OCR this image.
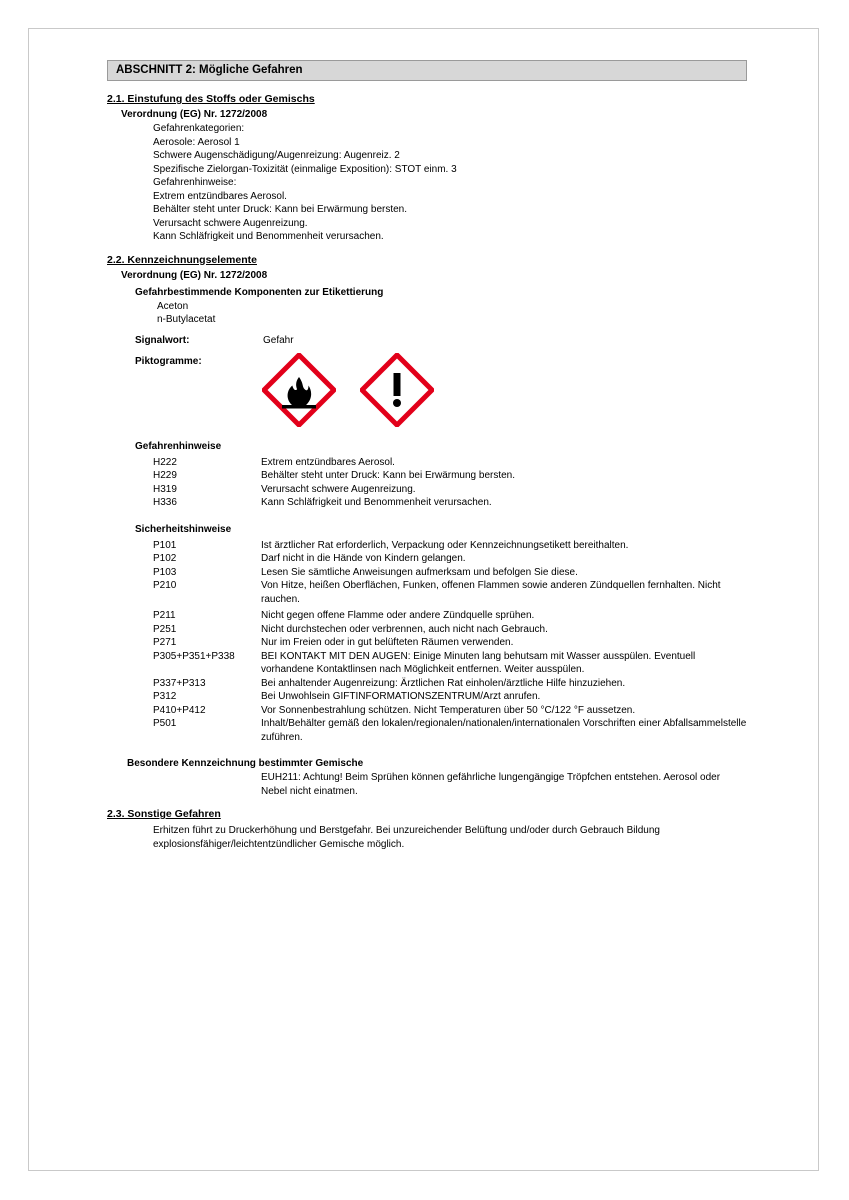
ABSCHNITT 2: Mögliche Gefahren
2.1. Einstufung des Stoffs oder Gemischs
Verordnung (EG) Nr. 1272/2008
Gefahrenkategorien:
Aerosole: Aerosol 1
Schwere Augenschädigung/Augenreizung: Augenreiz. 2
Spezifische Zielorgan-Toxizität (einmalige Exposition): STOT einm. 3
Gefahrenhinweise:
Extrem entzündbares Aerosol.
Behälter steht unter Druck: Kann bei Erwärmung bersten.
Verursacht schwere Augenreizung.
Kann Schläfrigkeit und Benommenheit verursachen.
2.2. Kennzeichnungselemente
Verordnung (EG) Nr. 1272/2008
Gefahrbestimmende Komponenten zur Etikettierung
Aceton
n-Butylacetat
Signalwort:	Gefahr
Piktogramme:
Gefahrenhinweise
H222	Extrem entzündbares Aerosol.
H229	Behälter steht unter Druck: Kann bei Erwärmung bersten.
H319	Verursacht schwere Augenreizung.
H336	Kann Schläfrigkeit und Benommenheit verursachen.
Sicherheitshinweise
P101	Ist ärztlicher Rat erforderlich, Verpackung oder Kennzeichnungsetikett bereithalten.
P102	Darf nicht in die Hände von Kindern gelangen.
P103	Lesen Sie sämtliche Anweisungen aufmerksam und befolgen Sie diese.
P210	Von Hitze, heißen Oberflächen, Funken, offenen Flammen sowie anderen Zündquellen fernhalten. Nicht rauchen.
P211	Nicht gegen offene Flamme oder andere Zündquelle sprühen.
P251	Nicht durchstechen oder verbrennen, auch nicht nach Gebrauch.
P271	Nur im Freien oder in gut belüfteten Räumen verwenden.
P305+P351+P338	BEI KONTAKT MIT DEN AUGEN: Einige Minuten lang behutsam mit Wasser ausspülen. Eventuell vorhandene Kontaktlinsen nach Möglichkeit entfernen. Weiter ausspülen.
P337+P313	Bei anhaltender Augenreizung: Ärztlichen Rat einholen/ärztliche Hilfe hinzuziehen.
P312	Bei Unwohlsein GIFTINFORMATIONSZENTRUM/Arzt anrufen.
P410+P412	Vor Sonnenbestrahlung schützen. Nicht Temperaturen über 50 °C/122 °F aussetzen.
P501	Inhalt/Behälter gemäß den lokalen/regionalen/nationalen/internationalen Vorschriften einer Abfallsammelstelle zuführen.
Besondere Kennzeichnung bestimmter Gemische
EUH211: Achtung! Beim Sprühen können gefährliche lungengängige Tröpfchen entstehen. Aerosol oder Nebel nicht einatmen.
2.3. Sonstige Gefahren
Erhitzen führt zu Druckerhöhung und Berstgefahr. Bei unzureichender Belüftung und/oder durch Gebrauch Bildung explosionsfähiger/leichtentzündlicher Gemische möglich.
